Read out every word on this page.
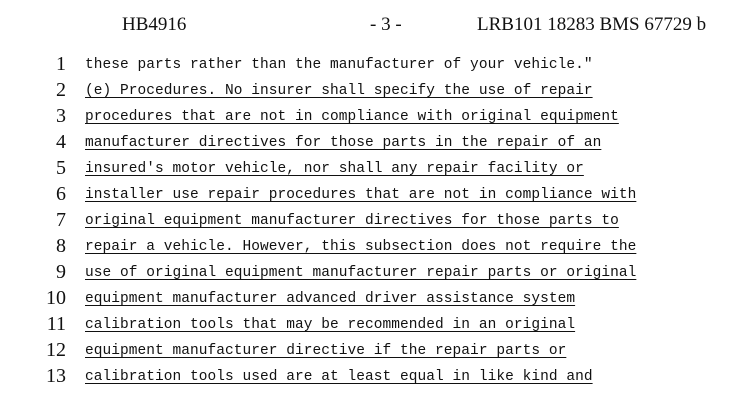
HB4916	- 3 -	LRB101 18283 BMS 67729 b
1 these parts rather than the manufacturer of your vehicle."
2 (e) Procedures. No insurer shall specify the use of repair
3 procedures that are not in compliance with original equipment
4 manufacturer directives for those parts in the repair of an
5 insured's motor vehicle, nor shall any repair facility or
6 installer use repair procedures that are not in compliance with
7 original equipment manufacturer directives for those parts to
8 repair a vehicle. However, this subsection does not require the
9 use of original equipment manufacturer repair parts or original
10 equipment manufacturer advanced driver assistance system
11 calibration tools that may be recommended in an original
12 equipment manufacturer directive if the repair parts or
13 calibration tools used are at least equal in like kind and
